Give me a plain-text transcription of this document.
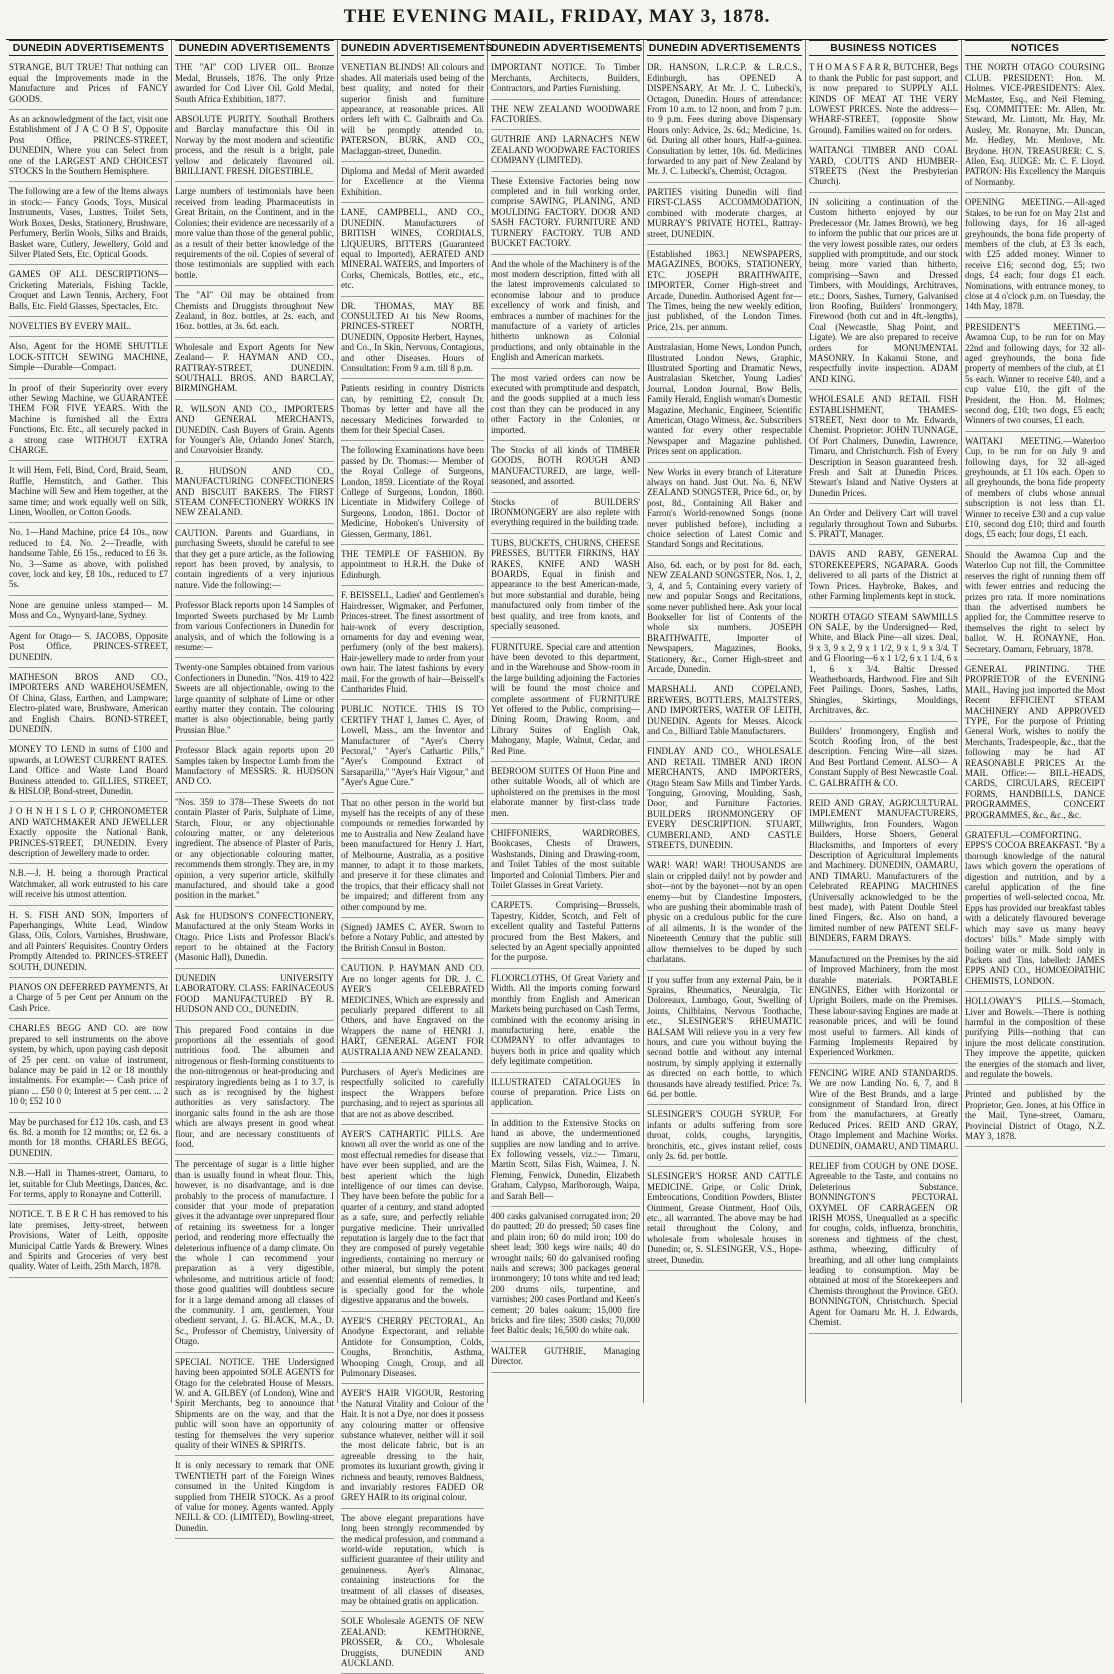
THE EVENING MAIL, FRIDAY, MAY 3, 1878.
DUNEDIN ADVERTISEMENTS

STRANGE, BUT TRUE! That nothing can equal the Improvements made in the Manufacture and Prices of FANCY GOODS.

As an acknowledgment of the fact, visit one Establishment of J A C O B S', Opposite Post Office, PRINCES-STREET, DUNEDIN, Where you can Select from one of the LARGEST AND CHOICEST STOCKS In the Southern Hemisphere.

The following are a few of the Items always in stock:— Fancy Goods, Toys, Musical Instruments, Vases, Lustres, Toilet Sets, Work Boxes, Desks, Stationery, Brushware, Perfumery, Berlin Wools, Silks and Braids, Basket ware, Cutlery, Jewellery, Gold and Silver Plated Sets, Etc. Optical Goods.

GAMES OF ALL DESCRIPTIONS— Cricketing Materials, Fishing Tackle, Croquet and Lawn Tennis, Archery, Foot Balls, Etc. Field Glasses, Spectacles, Etc.

NOVELTIES BY EVERY MAIL.

Also, Agent for the HOME SHUTTLE LOCK-STITCH SEWING MACHINE, Simple—Durable—Compact.

In proof of their Superiority over every other Sewing Machine, we GUARANTEE THEM FOR FIVE YEARS. With the Machine is furnished all the Extra Functions, Etc. Etc., all securely packed in a strong case WITHOUT EXTRA CHARGE.

It will Hem, Fell, Bind, Cord, Braid, Seam, Ruffle, Hemstitch, and Gather. This Machine will Sew and Hem together, at the same time; and work equally well on Silk, Linen, Woollen, or Cotton Goods.

No. 1—Hand Machine, price £4 10s., now reduced to £4. No. 2—Treadle, with handsome Table, £6 15s., reduced to £6 3s. No. 3—Same as above, with polished cover, lock and key, £8 10s., reduced to £7 5s.

None are genuine unless stamped— M. Moss and Co., Wynyard-lane, Sydney.

Agent for Otago— S. JACOBS, Opposite Post Office, PRINCES-STREET, DUNEDIN.

MATHESON BROS AND CO., IMPORTERS AND WAREHOUSEMEN, Of China, Glass, Earthen, and Lampware; Electro-plated ware, Brushware, American and English Chairs. BOND-STREET, DUNEDIN.

MONEY TO LEND in sums of £100 and upwards, at LOWEST CURRENT RATES. Land Office and Waste Land Board Business attended to. GILLIES, STREET, & HISLOP, Bond-street, Dunedin.

J O H N H I S L O P, CHRONOMETER AND WATCHMAKER AND JEWELLER Exactly opposite the National Bank, PRINCES-STREET, DUNEDIN. Every description of Jewellery made to order.

N.B.—J. H. being a thorough Practical Watchmaker, all work entrusted to his care will receive his utmost attention.

H. S. FISH AND SON, Importers of Paperhangings, White Lead, Window Glass, Oils, Colors, Varnishes, Brushware, and all Painters' Requisites. Country Orders Promptly Attended to. PRINCES-STREET SOUTH, DUNEDIN.

PIANOS ON DEFERRED PAYMENTS, At a Charge of 5 per Cent per Annum on the Cash Price.

CHARLES BEGG AND CO. are now prepared to sell instruments on the above system, by which, upon paying cash deposit of 25 per cent. on value of instrument, balance may be paid in 12 or 18 monthly instalments. For example:— Cash price of piano ... £50 0 0; Interest at 5 per cent. ... 2 10 0; £52 10 0

May be purchased for £12 10s. cash, and £3 6s. 8d. a month for 12 months; or, £2 6s. a month for 18 months. CHARLES BEGG, DUNEDIN.

N.B.—Hall in Thames-street, Oamaru, to let, suitable for Club Meetings, Dances, &c. For terms, apply to Ronayne and Cotterill.

NOTICE. T. B E R C H has removed to his late premises, Jetty-street, between Provisions, Water of Leith, opposite Municipal Cattle Yards & Brewery. Wines and Spirits and Groceries of very best quality. Water of Leith, 25th March, 1878.

DUNEDIN ADVERTISEMENTS

THE "AI" COD LIVER OIL. Bronze Medal, Brussels, 1876. The only Prize awarded for Cod Liver Oil. Gold Medal, South Africa Exhibition, 1877.

ABSOLUTE PURITY. Southall Brothers and Barclay manufacture this Oil in Norway by the most modern and scientific process, and the result is a bright, pale yellow and delicately flavoured oil. BRILLIANT. FRESH. DIGESTIBLE.

Large numbers of testimonials have been received from leading Pharmaceutists in Great Britain, on the Continent, and in the Colonies; their evidence are necessarily of a more value than those of the general public, as a result of their better knowledge of the requirements of the oil. Copies of several of those testimonials are supplied with each bottle.

The "AI" Oil may be obtained from Chemists and Druggists throughout New Zealand, in 8oz. bottles, at 2s. each, and 16oz. bottles, at 3s. 6d. each.

Wholesale and Export Agents for New Zealand— P. HAYMAN AND CO., RATTRAY-STREET, DUNEDIN. SOUTHALL BROS. AND BARCLAY, BIRMINGHAM.

R. WILSON AND CO., IMPORTERS AND GENERAL MERCHANTS, DUNEDIN. Cash Buyers of Grain. Agents for Younger's Ale, Orlando Jones' Starch, and Courvoisier Brandy.

R. HUDSON AND CO., MANUFACTURING CONFECTIONERS AND BISCUIT BAKERS. The FIRST STEAM CONFECTIONERY WORKS IN NEW ZEALAND.

CAUTION. Parents and Guardians, in purchasing Sweets, should be careful to see that they get a pure article, as the following report has been proved, by analysis, to contain ingredients of a very injurious nature. Vide the following:—

Professor Black reports upon 14 Samples of Imported Sweets purchased by Mr Lumb from various Confectioners in Dunedin for analysis, and of which the following is a resume:—

Twenty-one Samples obtained from various Confectioners in Dunedin. "Nos. 419 to 422 Sweets are all objectionable, owing to the large quantity of sulphate of Lime or other earthy matter they contain. The colouring matter is also objectionable, being partly Prussian Blue."

Professor Black again reports upon 20 Samples taken by Inspector Lumb from the Manufactory of MESSRS. R. HUDSON AND CO.

"Nos. 359 to 378—These Sweets do not contain Plaster of Paris, Sulphate of Lime, Starch, Flour, or any objectionable colouring matter, or any deleterious ingredient. The absence of Plaster of Paris, or any objectionable colouring matter, recommends them strongly. They are, in my opinion, a very superior article, skilfully manufactured, and should take a good position in the market."

Ask for HUDSON'S CONFECTIONERY, Manufactured at the only Steam Works in Otago. Price Lists and Professor Black's report to be obtained at the Factory (Masonic Hall), Dunedin.

DUNEDIN UNIVERSITY LABORATORY. CLASS: FARINACEOUS FOOD MANUFACTURED BY R. HUDSON AND CO., DUNEDIN.

This prepared Food contains in due proportions all the essentials of good nutritious food. The albumen and nitrogenous or flesh-forming constituents to the non-nitrogenous or heat-producing and respiratory ingredients being as 1 to 3.7, is such as is recognised by the highest authorities as very satisfactory. The inorganic salts found in the ash are those which are always present in good wheat flour, and are necessary constituents of food.

The percentage of sugar is a little higher than is usually found in wheat flour. This, however, is no disadvantage, and is due probably to the process of manufacture. I consider that your mode of preparation gives it the advantage over unprepared flour of retaining its sweetness for a longer period, and rendering more effectually the deleterious influence of a damp climate. On the whole I can recommend your preparation as a very digestible, wholesome, and nutritious article of food; those good qualities will doubtless secure for it a large demand among all classes of the community. I am, gentlemen, Your obedient servant, J. G. BLACK, M.A., D. Sc., Professor of Chemistry, University of Otago.

SPECIAL NOTICE. THE Undersigned having been appointed SOLE AGENTS for Otago for the celebrated House of Messrs. W. and A. GILBEY (of London), Wine and Spirit Merchants, beg to announce that Shipments are on the way, and that the public will soon have an opportunity of testing for themselves the very superior quality of their WINES & SPIRITS.

It is only necessary to remark that ONE TWENTIETH part of the Foreign Wines consumed in the United Kingdom is supplied from THEIR STOCK. As a proof of value for money. Agents wanted. Apply NEILL & CO. (LIMITED), Bowling-street, Dunedin.

DUNEDIN ADVERTISEMENTS

VENETIAN BLINDS! All colours and shades. All materials used being of the best quality, and noted for their superior finish and furniture appearance, at reasonable prices. All orders left with C. Galbraith and Co. will be promptly attended to. PATERSON, BURK, AND CO., Maclaggan-street, Dunedin.

Diploma and Medal of Merit awarded for Excellence at the Vienna Exhibition.

LANE, CAMPBELL, AND CO., DUNEDIN. Manufacturers of BRITISH WINES, CORDIALS, LIQUEURS, BITTERS (Guaranteed equal to Imported), AERATED AND MINERAL WATERS, and Importers of Corks, Chemicals, Bottles, etc., etc., etc.

DR. THOMAS, MAY BE CONSULTED At his New Rooms, PRINCES-STREET NORTH, DUNEDIN, Opposite Herbert, Haynes, and Co., In Skin, Nervous, Contagious, and other Diseases. Hours of Consultation: From 9 a.m. till 8 p.m.

Patients residing in country Districts can, by remitting £2, consult Dr. Thomas by letter and have all the necessary Medicines forwarded to them for their Special Cases.

The following Examinations have been passed by Dr. Thomas:— Member of the Royal College of Surgeons, London, 1859. Licentiate of the Royal College of Surgeons, London, 1860. Licentiate in Midwifery College of Surgeons, London, 1861. Doctor of Medicine, Hoboken's University of Giessen, Germany, 1861.

THE TEMPLE OF FASHION. By appointment to H.R.H. the Duke of Edinburgh.

F. BEISSELL, Ladies' and Gentlemen's Hairdresser, Wigmaker, and Perfumer, Princes-street. The finest assortment of hair-work of every description, ornaments for day and evening wear, perfumery (only of the best makers). Hair-jewellery made to order from your own hair. The latest fashions by every mail. For the growth of hair—Beissell's Cantharides Fluid.

PUBLIC NOTICE. THIS IS TO CERTIFY THAT I, James C. Ayer, of Lowell, Mass., am the Inventor and Manufacturer of "Ayer's Cherry Pectoral," "Ayer's Cathartic Pills," "Ayer's Compound Extract of Sarsaparilla," "Ayer's Hair Vigour," and "Ayer's Ague Cure."

That no other person in the world but myself has the receipts of any of these compounds or remedies forwarded by me to Australia and New Zealand have been manufactured for Henry J. Hart, of Melbourne, Australia, as a positive manner, to adapt it to those markets, and preserve it for these climates and the tropics, that their efficacy shall not be impaired; and different from any other compound by me.

(Signed) JAMES C. AYER. Sworn to before a Notary Public, and attested by the British Consul in Boston.

CAUTION. P. HAYMAN AND CO. Are no longer agents for DR. J. C. AYER'S CELEBRATED MEDICINES, Which are expressly and peculiarly prepared different to all Others, and have Engraved on the Wrappers the name of HENRI J. HART, GENERAL AGENT FOR AUSTRALIA AND NEW ZEALAND.

Purchasers of Ayer's Medicines are respectfully solicited to carefully inspect the Wrappers before purchasing, and to reject as spurious all that are not as above described.

AYER'S CATHARTIC PILLS. Are known all over the world as one of the most effectual remedies for disease that have ever been supplied, and are the best aperient which the high intelligence of our times can devise. They have been before the public for a quarter of a century, and stand adopted as a safe, sure, and perfectly reliable purgative medicine. Their unrivalled reputation is largely due to the fact that they are composed of purely vegetable ingredients, containing no mercury or other mineral, but simply the potent and essential elements of remedies. It is specially good for the whole digestive apparatus and the bowels.

AYER'S CHERRY PECTORAL, An Anodyne Expectorant, and reliable Antidote for Consumption, Colds, Coughs, Bronchitis, Asthma, Whooping Cough, Croup, and all Pulmonary Diseases.

AYER'S HAIR VIGOUR, Restoring the Natural Vitality and Colour of the Hair. It is not a Dye, nor does it possess any colouring matter or offensive substance whatever, neither will it soil the most delicate fabric, but is an agreeable dressing to the hair, promotes its luxuriant growth, giving it richness and beauty, removes Baldness, and invariably restores FADED OR GREY HAIR to its original colour.

The above elegant preparations have long been strongly recommended by the medical profession, and command a world-wide reputation, which is sufficient guarantee of their utility and genuineness. Ayer's Almanac, containing instructions for the treatment of all classes of diseases, may be obtained gratis on application.

SOLE Wholesale AGENTS OF NEW ZEALAND: KEMTHORNE, PROSSER, & CO., Wholesale Druggists, DUNEDIN AND AUCKLAND.

DUNEDIN ADVERTISEMENTS

IMPORTANT NOTICE. To Timber Merchants, Architects, Builders, Contractors, and Parties Furnishing.

THE NEW ZEALAND WOODWARE FACTORIES.

GUTHRIE AND LARNACH'S NEW ZEALAND WOODWARE FACTORIES COMPANY (LIMITED).

These Extensive Factories being now completed and in full working order, comprise SAWING, PLANING, AND MOULDING FACTORY. DOOR AND SASH FACTORY. FURNITURE AND TURNERY FACTORY. TUB AND BUCKET FACTORY.

And the whole of the Machinery is of the most modern description, fitted with all the latest improvements calculated to economise labour and to produce excellency of work and finish, and embraces a number of machines for the manufacture of a variety of articles hitherto unknown as Colonial productions, and only obtainable in the English and American markets.

The most varied orders can now be executed with promptitude and despatch, and the goods supplied at a much less cost than they can be produced in any other Factory in the Colonies, or imported.

The Stocks of all kinds of TIMBER GOODS, BOTH ROUGH AND MANUFACTURED, are large, well-seasoned, and assorted.

Stocks of BUILDERS' IRONMONGERY are also replete with everything required in the building trade.

TUBS, BUCKETS, CHURNS, CHEESE PRESSES, BUTTER FIRKINS, HAY RAKES, KNIFE AND WASH BOARDS, Equal in finish and appearance to the best American-made, but more substantial and durable, being manufactured only from timber of the best quality, and tree from knots, and specially seasoned.

FURNITURE. Special care and attention have been devoted to this department, and in the Warehouse and Show-room in the large building adjoining the Factories will be found the most choice and complete assortment of FURNITURE Yet offered to the Public, comprising— Dining Room, Drawing Room, and Library Suites of English Oak, Mahogany, Maple, Walnut, Cedar, and Red Pine.

BEDROOM SUITES Of Huon Pine and other suitable Woods, all of which are upholstered on the premises in the most elaborate manner by first-class trade men.

CHIFFONIERS, WARDROBES, Bookcases, Chests of Drawers, Washstands, Dining and Drawing-room, and Toilet Tables of the most suitable Imported and Colonial Timbers. Pier and Toilet Glasses in Great Variety.

CARPETS. Comprising—Brussels, Tapestry, Kidder, Scotch, and Felt of excellent quality and Tasteful Patterns procured from the Best Makers, and selected by an Agent specially appointed for the purpose.

FLOORCLOTHS, Of Great Variety and Width. All the imports coming forward monthly from English and American Markets being purchased on Cash Terms, combined with the economy arising in manufacturing here, enable the COMPANY to offer advantages to buyers both in price and quality which defy legitimate competition.

ILLUSTRATED CATALOGUES In course of preparation. Price Lists on application.

In addition to the Extensive Stocks on hand as above, the undermentioned supplies are now landing and to arrive. Ex following vessels, viz.:— Timaru, Martin Scott, Silas Fish, Waimea, J. N. Fleming, Fenwick, Dunedin, Elizabeth Graham, Calypso, Marlborough, Waipa, and Sarah Bell—

400 casks galvanised corrugated iron; 20 do pautted; 20 do pressed; 50 cases fine and plain iron; 60 do mild iron; 100 do sheet lead; 300 kegs wire nails; 40 do wrought nails; 60 do galvanised roofing nails and screws; 300 packages general ironmongery; 10 tons white and red lead; 200 drums oils, turpentine, and varnishes; 200 cases Portland and Keen's cement; 20 bales oakum; 15,000 fire bricks and fire tiles; 3500 casks; 70,000 feet Baltic deals; 16,500 do white oak.

WALTER GUTHRIE, Managing Director.

DUNEDIN ADVERTISEMENTS

DR. HANSON, L.R.C.P. & L.R.C.S., Edinburgh, has OPENED A DISPENSARY, At Mr. J. C. Lubecki's, Octagon, Dunedin. Hours of attendance: From 10 a.m. to 12 noon, and from 7 p.m. to 9 p.m. Fees during above Dispensary Hours only: Advice, 2s. 6d.; Medicine, 1s. 6d. During all other hours, Half-a-guinea. Consultation by letter, 10s. 6d. Medicines forwarded to any part of New Zealand by Mr. J. C. Lubecki's, Chemist, Octagon.

PARTIES visiting Dunedin will find FIRST-CLASS ACCOMMODATION, combined with moderate charges, at MURRAY'S PRIVATE HOTEL, Rattray-street, DUNEDIN.

[Established 1863.] NEWSPAPERS, MAGAZINES, BOOKS, STATIONERY, ETC. JOSEPH BRAITHWAITE, IMPORTER, Corner High-street and Arcade, Dunedin. Authorised Agent for— The Times, being the new weekly edition, just published, of the London Times. Price, 21s. per annum.

Australasian, Home News, London Punch, Illustrated London News, Graphic, Illustrated Sporting and Dramatic News, Australasian Sketcher, Young Ladies' Journal, London Journal, Bow Bells, Family Herald, English woman's Domestic Magazine, Mechanic, Engineer, Scientific American, Otago Witness, &c. Subscribers wanted for every other respectable Newspaper and Magazine published. Prices sent on application.

New Works in every branch of Literature always on hand. Just Out. No. 6, NEW ZEALAND SONGSTER, Price 6d., or, by post, 8d., Containing All Baker and Farron's World-renowned Songs (none never published before), including a choice selection of Latest Comic and Standard Songs and Recitations.

Also, 6d. each, or by post for 8d. each, NEW ZEALAND SONGSTER, Nos. 1, 2, 3, 4, and 5, Containing every variety of new and popular Songs and Recitations, some never published here. Ask your local Bookseller for list of Contents of the whole six numbers. JOSEPH BRAITHWAITE, Importer of Newspapers, Magazines, Books, Stationery, &c., Corner High-street and Arcade, Dunedin.

MARSHALL AND COPELAND, BREWERS, BOTTLERS, MALTSTERS, AND IMPORTERS, WATER OF LEITH, DUNEDIN. Agents for Messrs. Alcock and Co., Billiard Table Manufacturers.

FINDLAY AND CO., WHOLESALE AND RETAIL TIMBER AND IRON MERCHANTS, AND IMPORTERS, Otago Steam Saw Mills and Timber Yards. Tonguing, Grooving, Moulding, Sash, Door, and Furniture Factories. BUILDERS IRONMONGERY OF EVERY DESCRIPTION. STUART, CUMBERLAND, AND CASTLE STREETS, DUNEDIN.

WAR! WAR! WAR! THOUSANDS are slain or crippled daily! not by powder and shot—not by the bayonet—not by an open enemy—but by Clandestine Imposters, who are pushing their abominable trash of physic on a credulous public for the cure of all ailments. It is the wonder of the Nineteenth Century that the public still allow themselves to be duped by such charlatans.

If you suffer from any external Pain, be it Sprains, Rheumatics, Neuralgia, Tic Doloreaux, Lumbago, Gout, Swelling of Joints, Chilblains, Nervous Toothache, etc., SLESINGER'S RHEUMATIC BALSAM Will relieve you in a very few hours, and cure you without buying the second bottle and without any internal nostrum, by simply applying it externally as directed on each bottle, to which thousands have already testified. Price: 7s. 6d. per bottle.

SLESINGER'S COUGH SYRUP, For infants or adults suffering from sore throat, colds, coughs, laryngitis, bronchitis, etc., gives instant relief, costs only 2s. 6d. per bottle.

SLESINGER'S HORSE AND CATTLE MEDICINE. Gripe, or Colic Drink, Embrocations, Condition Powders, Blister Ointment, Grease Ointment, Hoof Oils, etc., all warranted. The above may be had retail throughout the Colony, and wholesale from wholesale houses in Dunedin; or, S. SLESINGER, V.S., Hope-street, Dunedin.

BUSINESS NOTICES

T H O M A S F A R R, BUTCHER, Begs to thank the Public for past support, and is now prepared to SUPPLY ALL KINDS OF MEAT AT THE VERY LOWEST PRICES. Note the address— WHARF-STREET, (opposite Show Ground). Families waited on for orders.

WAITANGI TIMBER AND COAL YARD, COUTTS AND HUMBER-STREETS (Next the Presbyterian Church).

IN soliciting a continuation of the Custom hitherto enjoyed by our Predecessor (Mr. James Brown), we beg to inform the public that our prices are at the very lowest possible rates, our orders supplied with promptitude, and our stock being more varied than hitherto, comprising—Sawn and Dressed Timbers, with Mouldings, Architraves, etc.; Doors, Sashes, Turnery, Galvanised Iron Roofing, Builders' Ironmongery, Firewood (both cut and in 4ft.-lengths), Coal (Newcastle, Shag Point, and Ligate). We are also prepared to receive orders for MONUMENTAL MASONRY. In Kakanui Stone, and respectfully invite inspection. ADAM AND KING.

WHOLESALE AND RETAIL FISH ESTABLISHMENT, THAMES-STREET, Next door to Mr. Edwards, Chemist. Proprietor: JOHN TUNNAGE, Of Port Chalmers, Dunedin, Lawrence, Timaru, and Christchurch. Fish of Every Description in Season guaranteed fresh. Fresh and Salt at Dunedin Prices. Stewart's Island and Native Oysters at Dunedin Prices.

An Order and Delivery Cart will travel regularly throughout Town and Suburbs. S. PRATT, Manager.

DAVIS AND RABY, GENERAL STOREKEEPERS, NGAPARA. Goods delivered to all parts of the District at Town Prices. Haybroke, Bakes, and other Farming Implements kept in stock.

NORTH OTAGO STEAM SAWMILLS ON SALE, by the Undersigned— Red, White, and Black Pine—all sizes. Deal, 9 x 3, 9 x 2, 9 x 1 1/2, 9 x 1, 9 x 3/4. T and G Flooring—6 x 1 1/2, 6 x 1 1/4, 6 x 1, 6 x 3/4. Baltic Dressed Weatherboards, Hardwood. Fire and Silt Feet Pailings. Doors, Sashes, Laths, Shingles, Skirtings, Mouldings, Architraves, &c.

Builders' Ironmongery, English and Scotch Roofing Iron, of the best description. Fencing Wire—all sizes. And Best Portland Cement. ALSO— A Constant Supply of Best Newcastle Coal. C. GALBRAITH & CO.

REID AND GRAY, AGRICULTURAL IMPLEMENT MANUFACTURERS, Millwrights, Iron Founders, Wagon Builders, Horse Shoers, General Blacksmiths, and Importers of every Description of Agricultural Implements and Machinery. DUNEDIN, OAMARU, AND TIMARU. Manufacturers of the Celebrated REAPING MACHINES (Universally acknowledged to be the best made), with Patent Double Steel lined Fingers, &c. Also on hand, a limited number of new PATENT SELF-BINDERS, FARM DRAYS.

Manufactured on the Premises by the aid of Improved Machinery, from the most durable materials. PORTABLE ENGINES, Either with Horizontal or Upright Boilers, made on the Premises. These labour-saving Engines are made at reasonable prices, and will be found most useful to farmers. All kinds of Farming Implements Repaired by Experienced Workmen.

FENCING WIRE AND STANDARDS. We are now Landing No. 6, 7, and 8 Wire of the Best Brands, and a large consignment of Standard Iron, direct from the manufacturers, at Greatly Reduced Prices. REID AND GRAY, Otago Implement and Machine Works. DUNEDIN, OAMARU, AND TIMARU.

RELIEF from COUGH by ONE DOSE. Agreeable to the Taste, and contains no Deleterious Substance. BONNINGTON'S PECTORAL OXYMEL OF CARRAGEEN OR IRISH MOSS, Unequalled as a specific for coughs, colds, influenza, bronchitis, soreness and tightness of the chest, asthma, wheezing, difficulty of breathing, and all other lung complaints leading to consumption. May be obtained at most of the Storekeepers and Chemists throughout the Province. GEO. BONNINGTON, Christchurch. Special Agent for Oamaru Mr. H. J. Edwards, Chemist.

NOTICES

THE NORTH OTAGO COURSING CLUB. PRESIDENT: Hon. M. Holmes. VICE-PRESIDENTS: Alex. McMaster, Esq., and Neil Fleming, Esq. COMMITTEE: Mr. Allen, Mr. Steward, Mr. Lintott, Mr. Hay, Mr. Ausley, Mr. Ronayne, Mr. Duncan, Mr. Hedley, Mr. Menlove, Mr. Brydone. HON. TREASURER: C. S. Allen, Esq. JUDGE: Mr. C. F. Lloyd. PATRON: His Excellency the Marquis of Normanby.

OPENING MEETING.—All-aged Stakes, to be run for on May 21st and following days, for 16 all-aged greyhounds, the bona fide property of members of the club, at £3 3s each, with £25 added money. Winner to receive £16; second dog, £5; two dogs, £4 each; four dogs £1 each. Nominations, with entrance money, to close at 4 o'clock p.m. on Tuesday, the 14th May, 1878.

PRESIDENT'S MEETING.—Awamoa Cup, to be run for on May 22nd and following days, for 32 all-aged greyhounds, the bona fide property of members of the club, at £1 5s each. Winner to receive £40, and a cup value £10, the gift of the President, the Hon. M. Holmes; second dog, £10; two dogs, £5 each; Winners of two courses, £1 each.

WAITAKI MEETING.—Waterloo Cup, to be run for on July 9 and following days, for 32 all-aged greyhounds, at £1 10s each. Open to all greyhounds, the bona fide property of members of clubs whose annual subscription is not less than £1. Winner to receive £30 and a cup value £10, second dog £10; third and fourth dogs, £5 each; four dogs, £1 each.

Should the Awamoa Cup and the Waterloo Cup not fill, the Committee reserves the right of running them off with fewer entries and reducing the prizes pro rata. If more nominations than the advertised numbers be applied for, the Committee reserve to themselves the right to select by ballot. W. H. RONAYNE, Hon. Secretary. Oamaru, February, 1878.

GENERAL PRINTING. THE PROPRIETOR of the EVENING MAIL, Having just imported the Most Recent EFFICIENT STEAM MACHINERY AND APPROVED TYPE, For the purpose of Printing General Work, wishes to notify the Merchants, Tradespeople, &c., that the following may be had AT REASONABLE PRICES At the MAIL Office:— BILL-HEADS, CARDS, CIRCULARS, RECEIPT FORMS, HANDBILLS, DANCE PROGRAMMES, CONCERT PROGRAMMES, &c., &c., &c.

GRATEFUL—COMFORTING. EPPS'S COCOA BREAKFAST. "By a thorough knowledge of the natural laws which govern the operations of digestion and nutrition, and by a careful application of the fine properties of well-selected cocoa, Mr. Epps has provided our breakfast tables with a delicately flavoured beverage which may save us many heavy doctors' bills." Made simply with boiling water or milk. Sold only in Packets and Tins, labelled: JAMES EPPS AND CO., HOMOEOPATHIC CHEMISTS, LONDON.

HOLLOWAY'S PILLS.—Stomach, Liver and Bowels.—There is nothing harmful in the composition of these purifying Pills—nothing that can injure the most delicate constitution. They improve the appetite, quicken the energies of the stomach and liver, and regulate the bowels.

Printed and published by the Proprietor, Geo. Jones, at his Office in the Mail, Tyne-street, Oamaru, Provincial District of Otago, N.Z. MAY 3, 1878.
